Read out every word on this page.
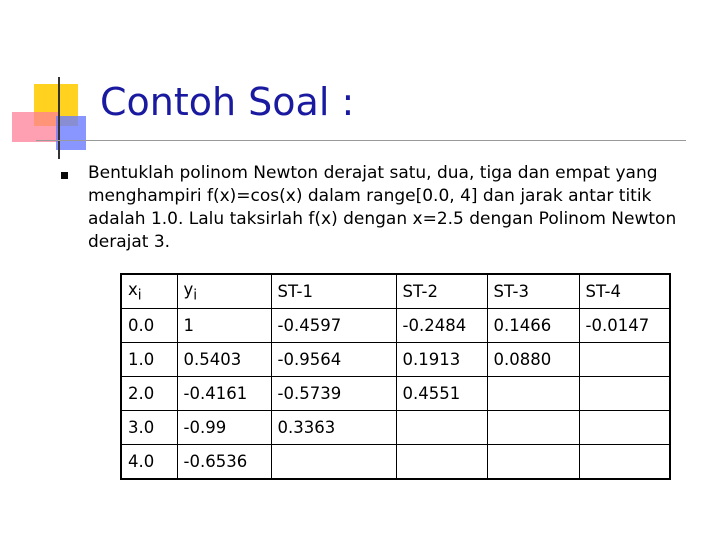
Contoh Soal :

Bentuklah polinom Newton derajat satu, dua, tiga dan empat yang menghampiri f(x)=cos(x) dalam range[0.0, 4] dan jarak antar titik adalah 1.0. Lalu taksirlah f(x) dengan x=2.5 dengan Polinom Newton derajat 3.

$x_i$	$y_i$	ST-1	ST-2	ST-3	ST-4
0.0	1	-0.4597	-0.2484	0.1466	-0.0147
1.0	0.5403	-0.9564	0.1913	0.0880	
2.0	-0.4161	-0.5739	0.4551		
3.0	-0.99	0.3363			
4.0	-0.6536				
